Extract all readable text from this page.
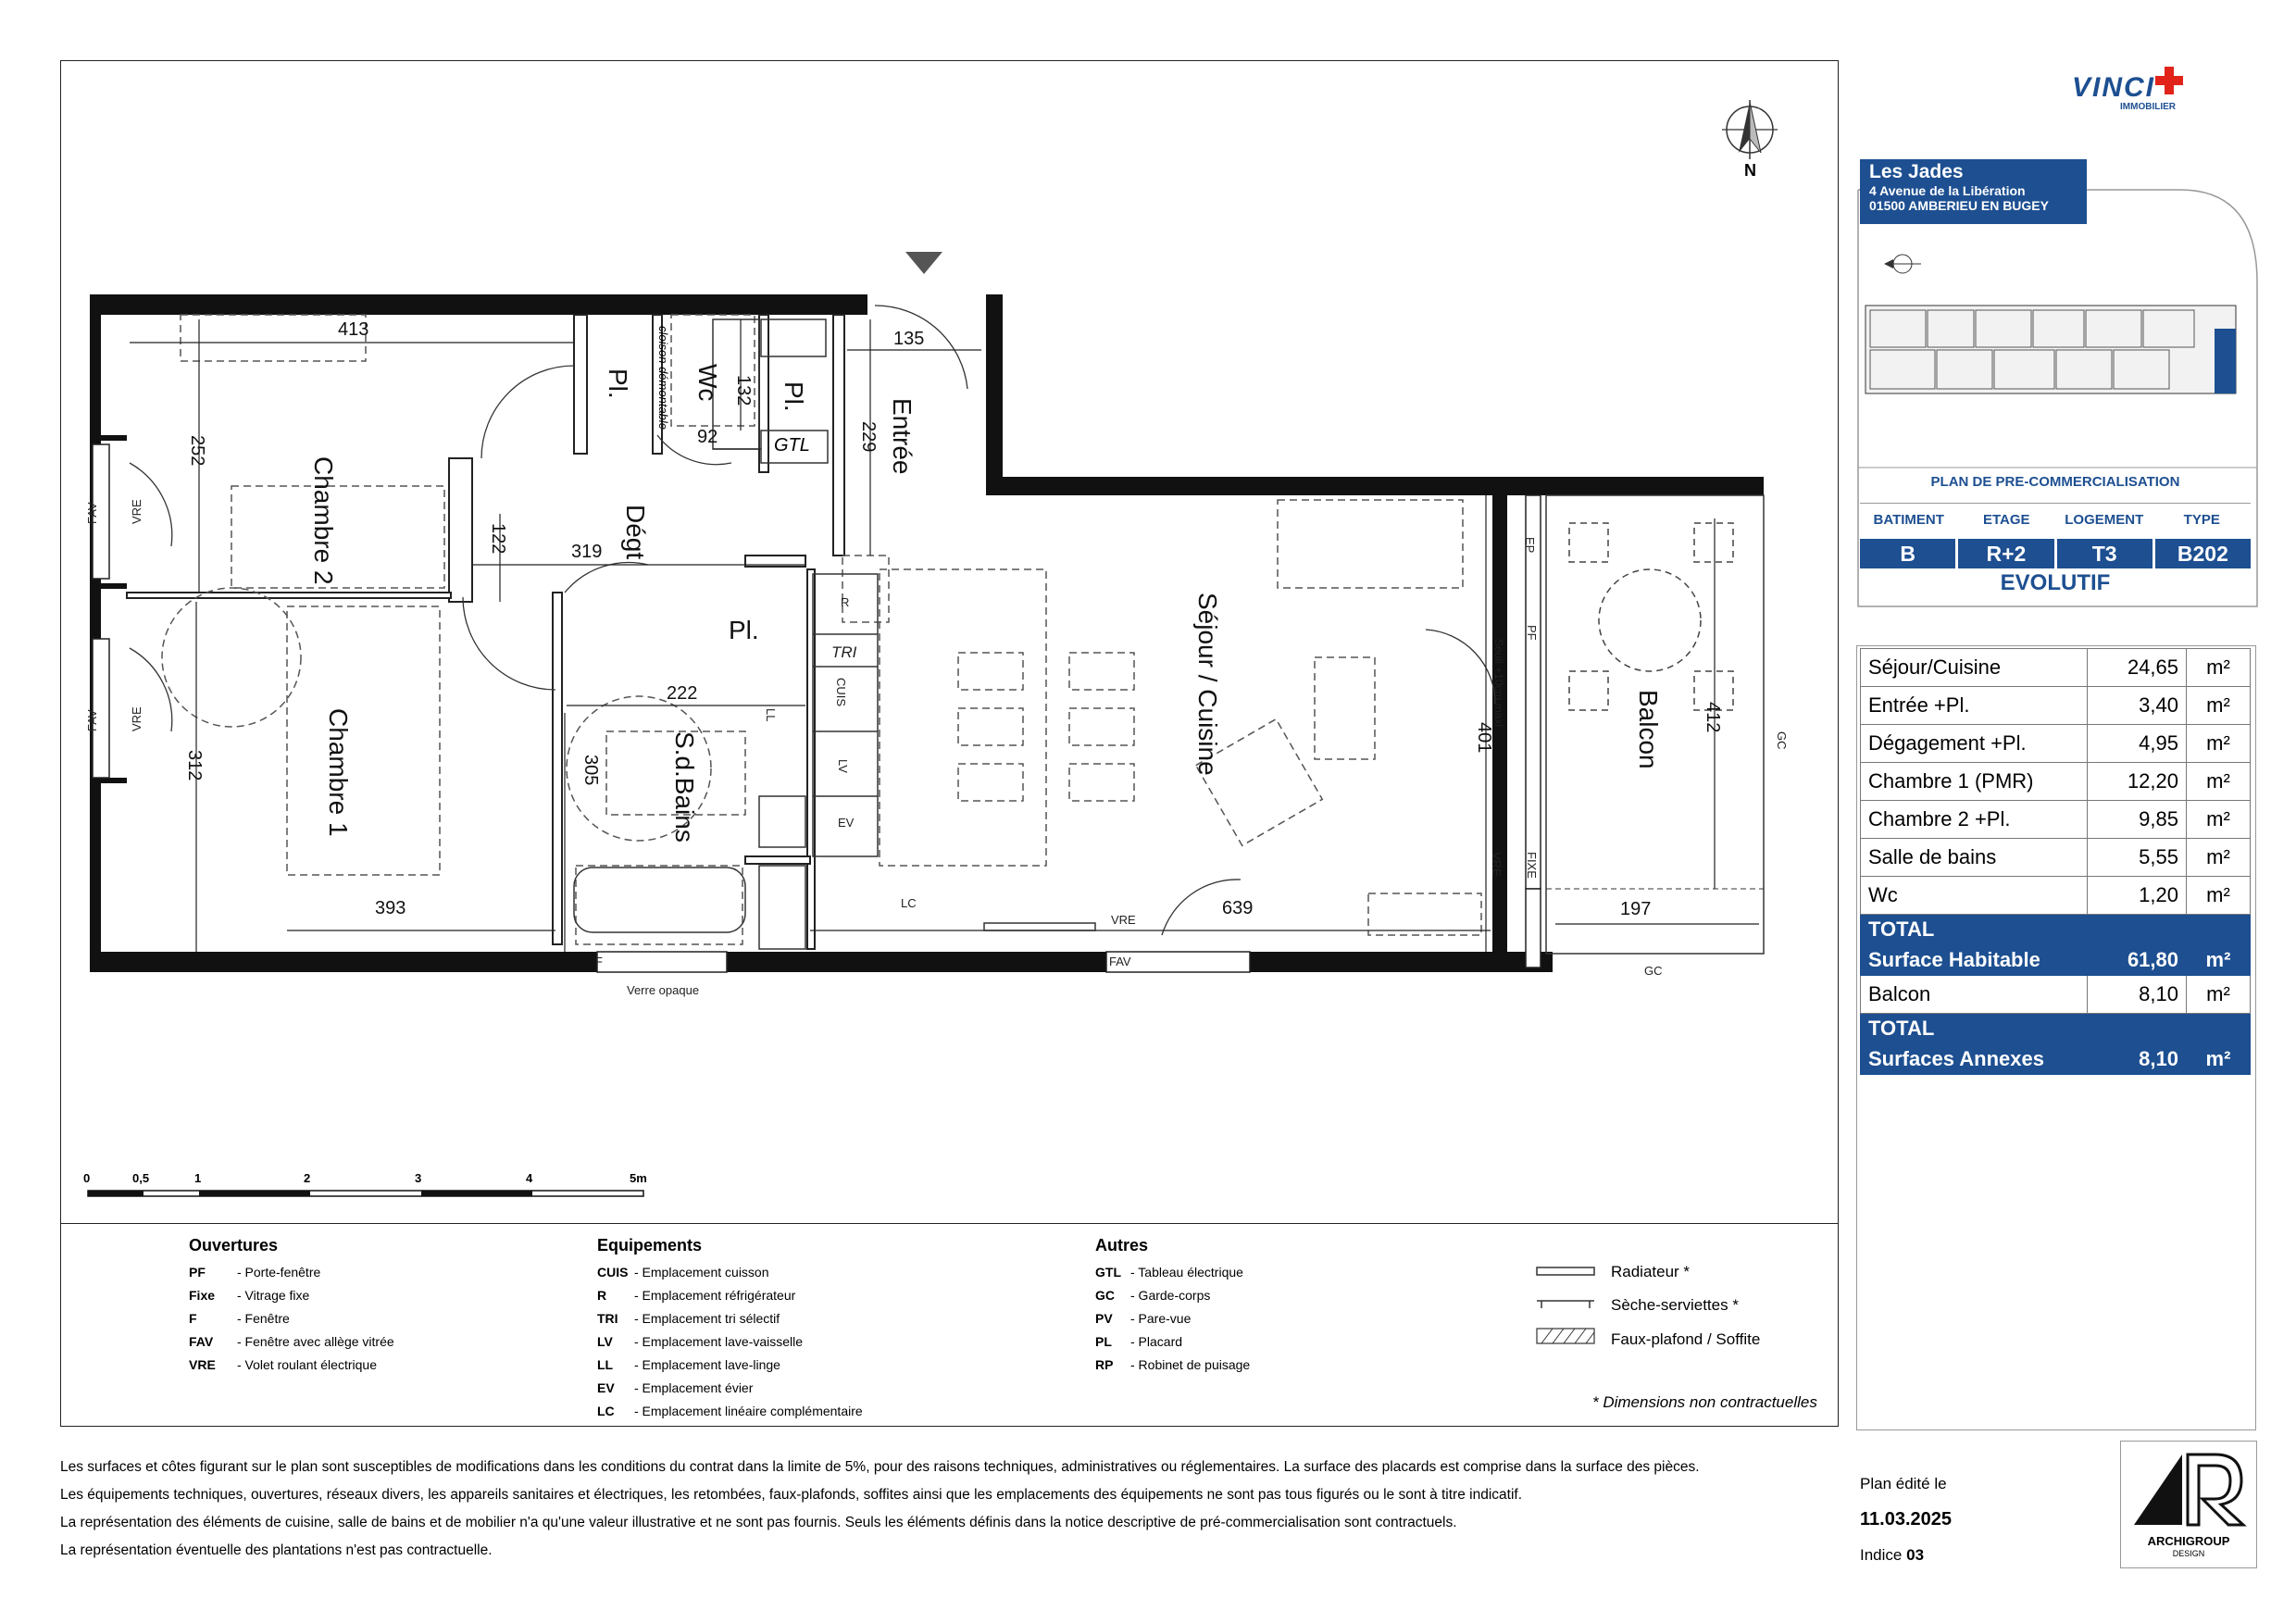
N
Chambre 2
Chambre 1
Entrée
Dégt
Wc
S.d.Bains
Séjour / Cuisine	Balcon
Pl.	Pl.
Pl.
GTL
cloison démontable
413	135
132
92	229
252
122	319
222
305
312
393	639
401
412
197
FAV	VRE
FAV	VRE
EP
PF
Seuil +10cm maxi
FIXE
VRE
GC
GC
F	FAV
VRE
LC
R
TRI
CUIS
LV
LL
EV
Verre opaque
0	0,5	1	2	3	4	5m
Ouvertures
PF - Porte-fenêtre
Fixe - Vitrage fixe
F	- Fenêtre
FAV - Fenêtre avec allège vitrée
VRE - Volet roulant électrique
Equipements
CUIS - Emplacement cuisson
R - Emplacement réfrigérateur
TRI - Emplacement tri sélectif
LV - Emplacement lave-vaisselle
LL - Emplacement lave-linge
EV - Emplacement évier
LC - Emplacement linéaire complémentaire
Autres
GTL - Tableau électrique
GC - Garde-corps
PV - Pare-vue
PL - Placard
RP - Robinet de puisage
Radiateur *
Sèche-serviettes *
Faux-plafond / Soffite
* Dimensions non contractuelles
Les surfaces et côtes figurant sur le plan sont susceptibles de modifications dans les conditions du contrat dans la limite de 5%, pour des raisons techniques, administratives ou réglementaires. La surface des placards est comprise dans la surface des pièces.
Les équipements techniques, ouvertures, réseaux divers, les appareils sanitaires et électriques, les retombées, faux-plafonds, soffites ainsi que les emplacements des équipements ne sont pas tous figurés ou le sont à titre indicatif.
La représentation des éléments de cuisine, salle de bains et de mobilier n'a qu'une valeur illustrative et ne sont pas fournis. Seuls les éléments définis dans la notice descriptive de pré-commercialisation sont contractuels.
La représentation éventuelle des plantations n'est pas contractuelle.
VINCI
IMMOBILIER
Les Jades
4 Avenue de la Libération
01500 AMBERIEU EN BUGEY
PLAN DE PRE-COMMERCIALISATION
BATIMENT	ETAGE	LOGEMENT	TYPE
B	R+2	T3	B202
EVOLUTIF
Séjour/Cuisine	24,65	m²
Entrée +Pl.	3,40	m²
Dégagement +Pl.	4,95	m²
Chambre 1 (PMR)	12,20	m²
Chambre 2 +Pl.	9,85	m²
Salle de bains	5,55	m²
Wc	1,20	m²
TOTAL		
Surface Habitable	61,80	m²
Balcon	8,10	m²
TOTAL		
Surfaces Annexes	8,10	m²
Plan édité le
11.03.2025
Indice 03
ARCHIGROUP
DESIGN
